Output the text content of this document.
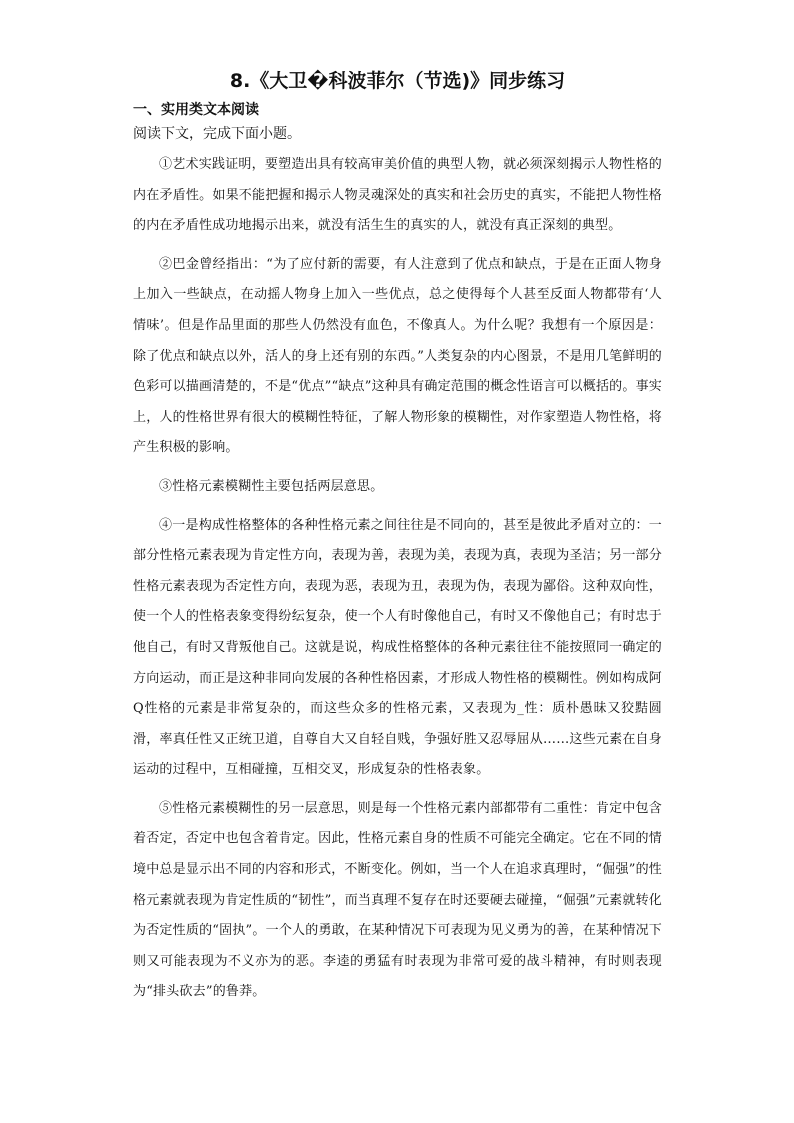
8.《大卫�科波菲尔（节选)》同步练习
一、实用类文本阅读
阅读下文，完成下面小题。

①艺术实践证明，要塑造出具有较高审美价值的典型人物，就必须深刻揭示人物性格的内在矛盾性。如果不能把握和揭示人物灵魂深处的真实和社会历史的真实，不能把人物性格的内在矛盾性成功地揭示出来，就没有活生生的真实的人，就没有真正深刻的典型。

②巴金曾经指出：“为了应付新的需要，有人注意到了优点和缺点，于是在正面人物身上加入一些缺点，在动摇人物身上加入一些优点，总之使得每个人甚至反面人物都带有‘人情味’。但是作品里面的那些人仍然没有血色，不像真人。为什么呢？我想有一个原因是：除了优点和缺点以外，活人的身上还有别的东西。”人类复杂的内心图景，不是用几笔鲜明的色彩可以描画清楚的，不是“优点”“缺点”这种具有确定范围的概念性语言可以概括的。事实上，人的性格世界有很大的模糊性特征，了解人物形象的模糊性，对作家塑造人物性格，将产生积极的影响。

③性格元素模糊性主要包括两层意思。

④一是构成性格整体的各种性格元素之间往往是不同向的，甚至是彼此矛盾对立的：一部分性格元素表现为肯定性方向，表现为善，表现为美，表现为真，表现为圣洁；另一部分性格元素表现为否定性方向，表现为恶，表现为丑，表现为伪，表现为鄙俗。这种双向性，使一个人的性格表象变得纷纭复杂，使一个人有时像他自己，有时又不像他自己；有时忠于他自己，有时又背叛他自己。这就是说，构成性格整体的各种元素往往不能按照同一确定的方向运动，而正是这种非同向发展的各种性格因素，才形成人物性格的模糊性。例如构成阿Q性格的元素是非常复杂的，而这些众多的性格元素，又表现为_性：质朴愚昧又狡黠圆滑，率真任性又正统卫道，自尊自大又自轻自贱，争强好胜又忍辱屈从……这些元素在自身运动的过程中，互相碰撞，互相交叉，形成复杂的性格表象。

⑤性格元素模糊性的另一层意思，则是每一个性格元素内部都带有二重性：肯定中包含着否定，否定中也包含着肯定。因此，性格元素自身的性质不可能完全确定。它在不同的情境中总是显示出不同的内容和形式，不断变化。例如，当一个人在追求真理时，“倔强”的性格元素就表现为肯定性质的“韧性”，而当真理不复存在时还要硬去碰撞，“倔强”元素就转化为否定性质的“固执”。一个人的勇敢，在某种情况下可表现为见义勇为的善，在某种情况下则又可能表现为不义亦为的恶。李逵的勇猛有时表现为非常可爱的战斗精神，有时则表现为“排头砍去”的鲁莽。
